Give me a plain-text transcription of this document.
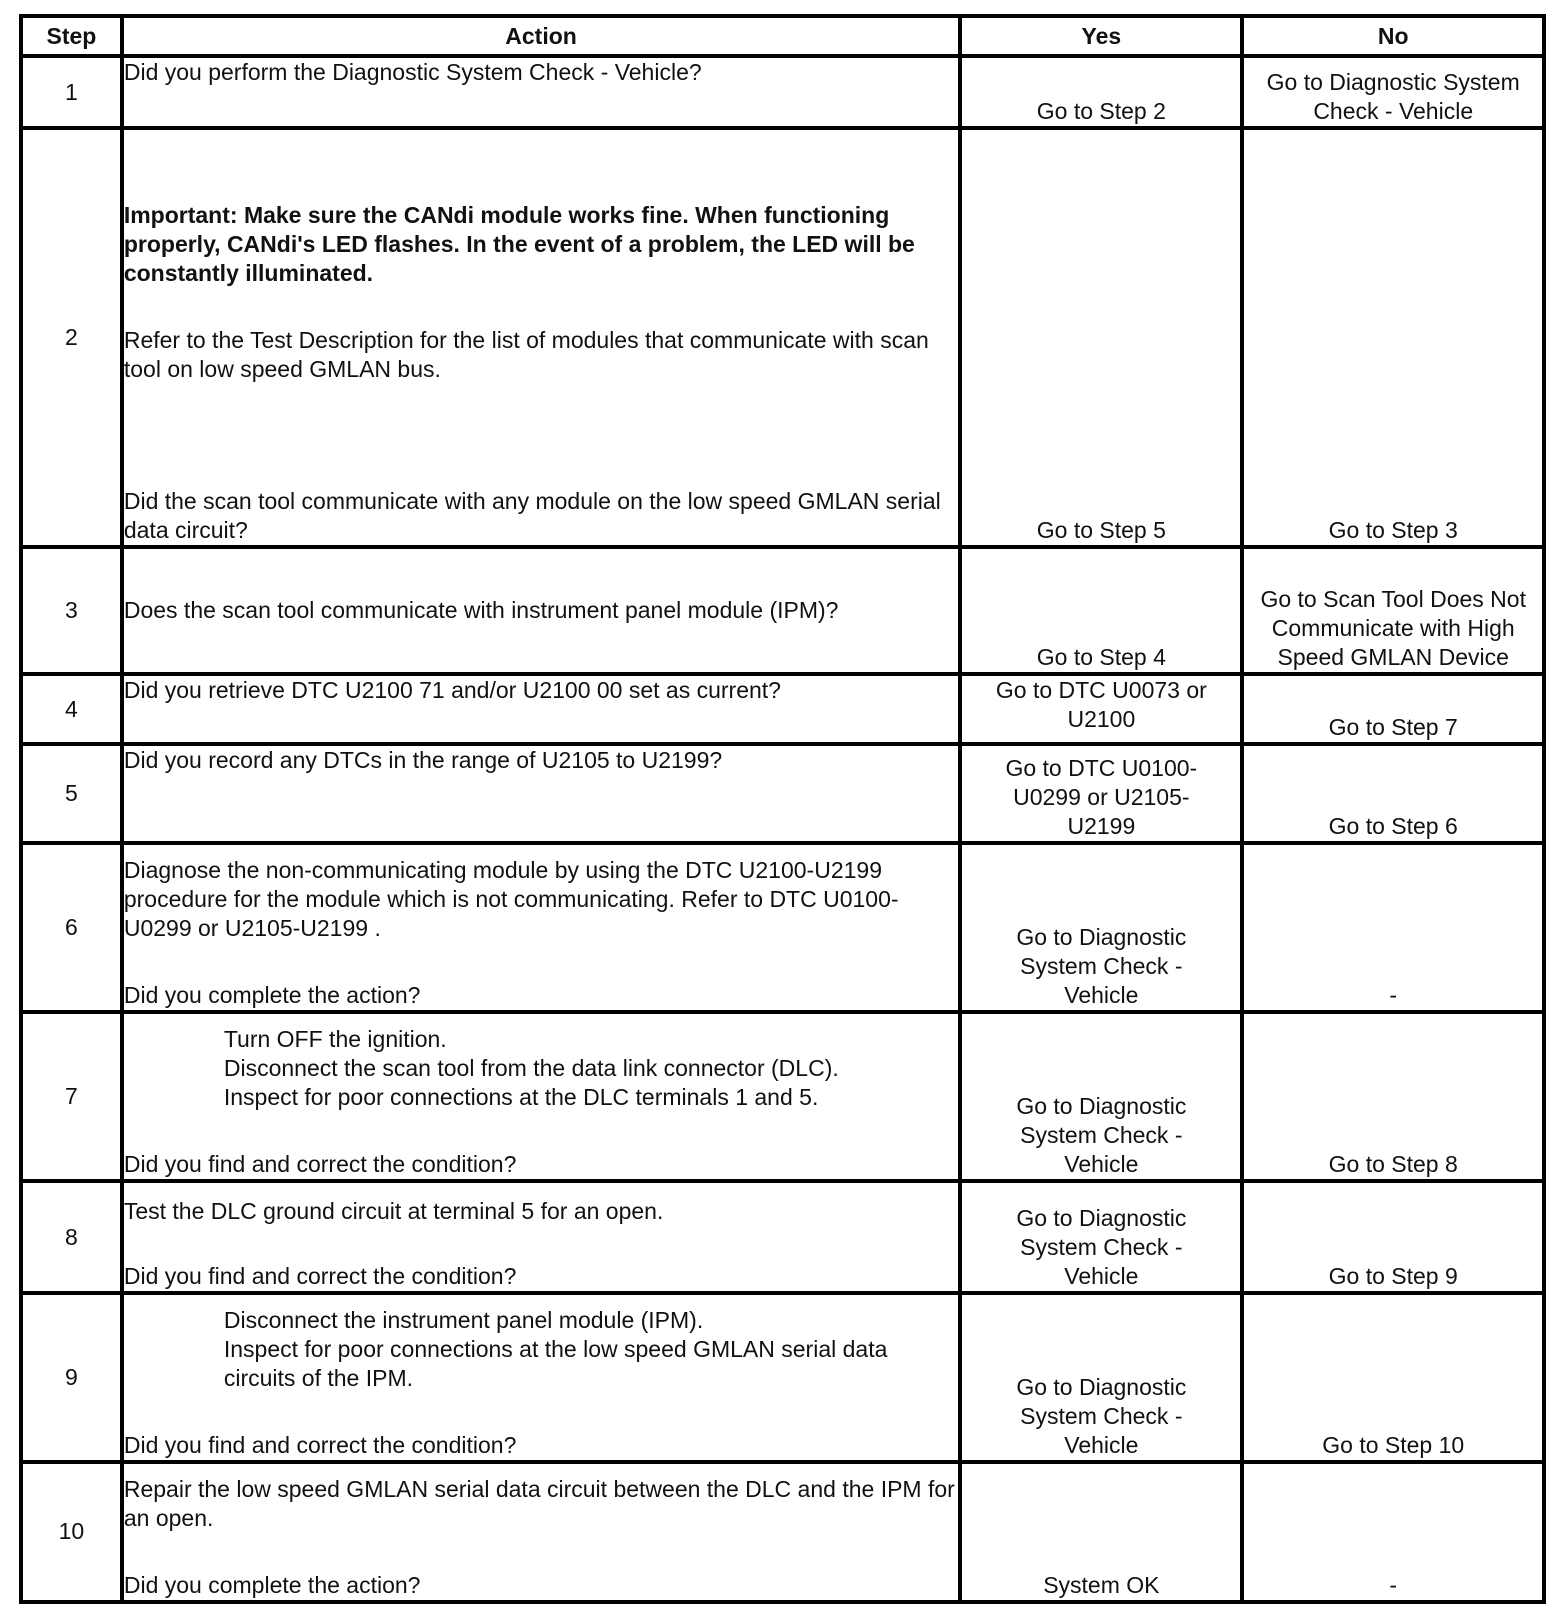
Step	Action	Yes	No
1	Did you perform the Diagnostic System Check - Vehicle?	Go to Step 2	Go to Diagnostic System Check - Vehicle
2	Important: Make sure the CANdi module works fine. When functioning properly, CANdi's LED flashes. In the event of a problem, the LED will be constantly illuminated.
Refer to the Test Description for the list of modules that communicate with scan tool on low speed GMLAN bus.
Did the scan tool communicate with any module on the low speed GMLAN serial data circuit?	Go to Step 5	Go to Step 3
3	Does the scan tool communicate with instrument panel module (IPM)?	Go to Step 4	Go to Scan Tool Does Not Communicate with High Speed GMLAN Device
4	Did you retrieve DTC U2100 71 and/or U2100 00 set as current?	Go to DTC U0073 or U2100	Go to Step 7
5	Did you record any DTCs in the range of U2105 to U2199?	Go to DTC U0100-U0299 or U2105-U2199	Go to Step 6
6	Diagnose the non-communicating module by using the DTC U2100-U2199 procedure for the module which is not communicating. Refer to DTC U0100-U0299 or U2105-U2199 .
Did you complete the action?	Go to Diagnostic System Check - Vehicle	-
7	Turn OFF the ignition.
Disconnect the scan tool from the data link connector (DLC).
Inspect for poor connections at the DLC terminals 1 and 5.
Did you find and correct the condition?	Go to Diagnostic System Check - Vehicle	Go to Step 8
8	Test the DLC ground circuit at terminal 5 for an open.
Did you find and correct the condition?	Go to Diagnostic System Check - Vehicle	Go to Step 9
9	Disconnect the instrument panel module (IPM).
Inspect for poor connections at the low speed GMLAN serial data circuits of the IPM.
Did you find and correct the condition?	Go to Diagnostic System Check - Vehicle	Go to Step 10
10	Repair the low speed GMLAN serial data circuit between the DLC and the IPM for an open.
Did you complete the action?	System OK	-
